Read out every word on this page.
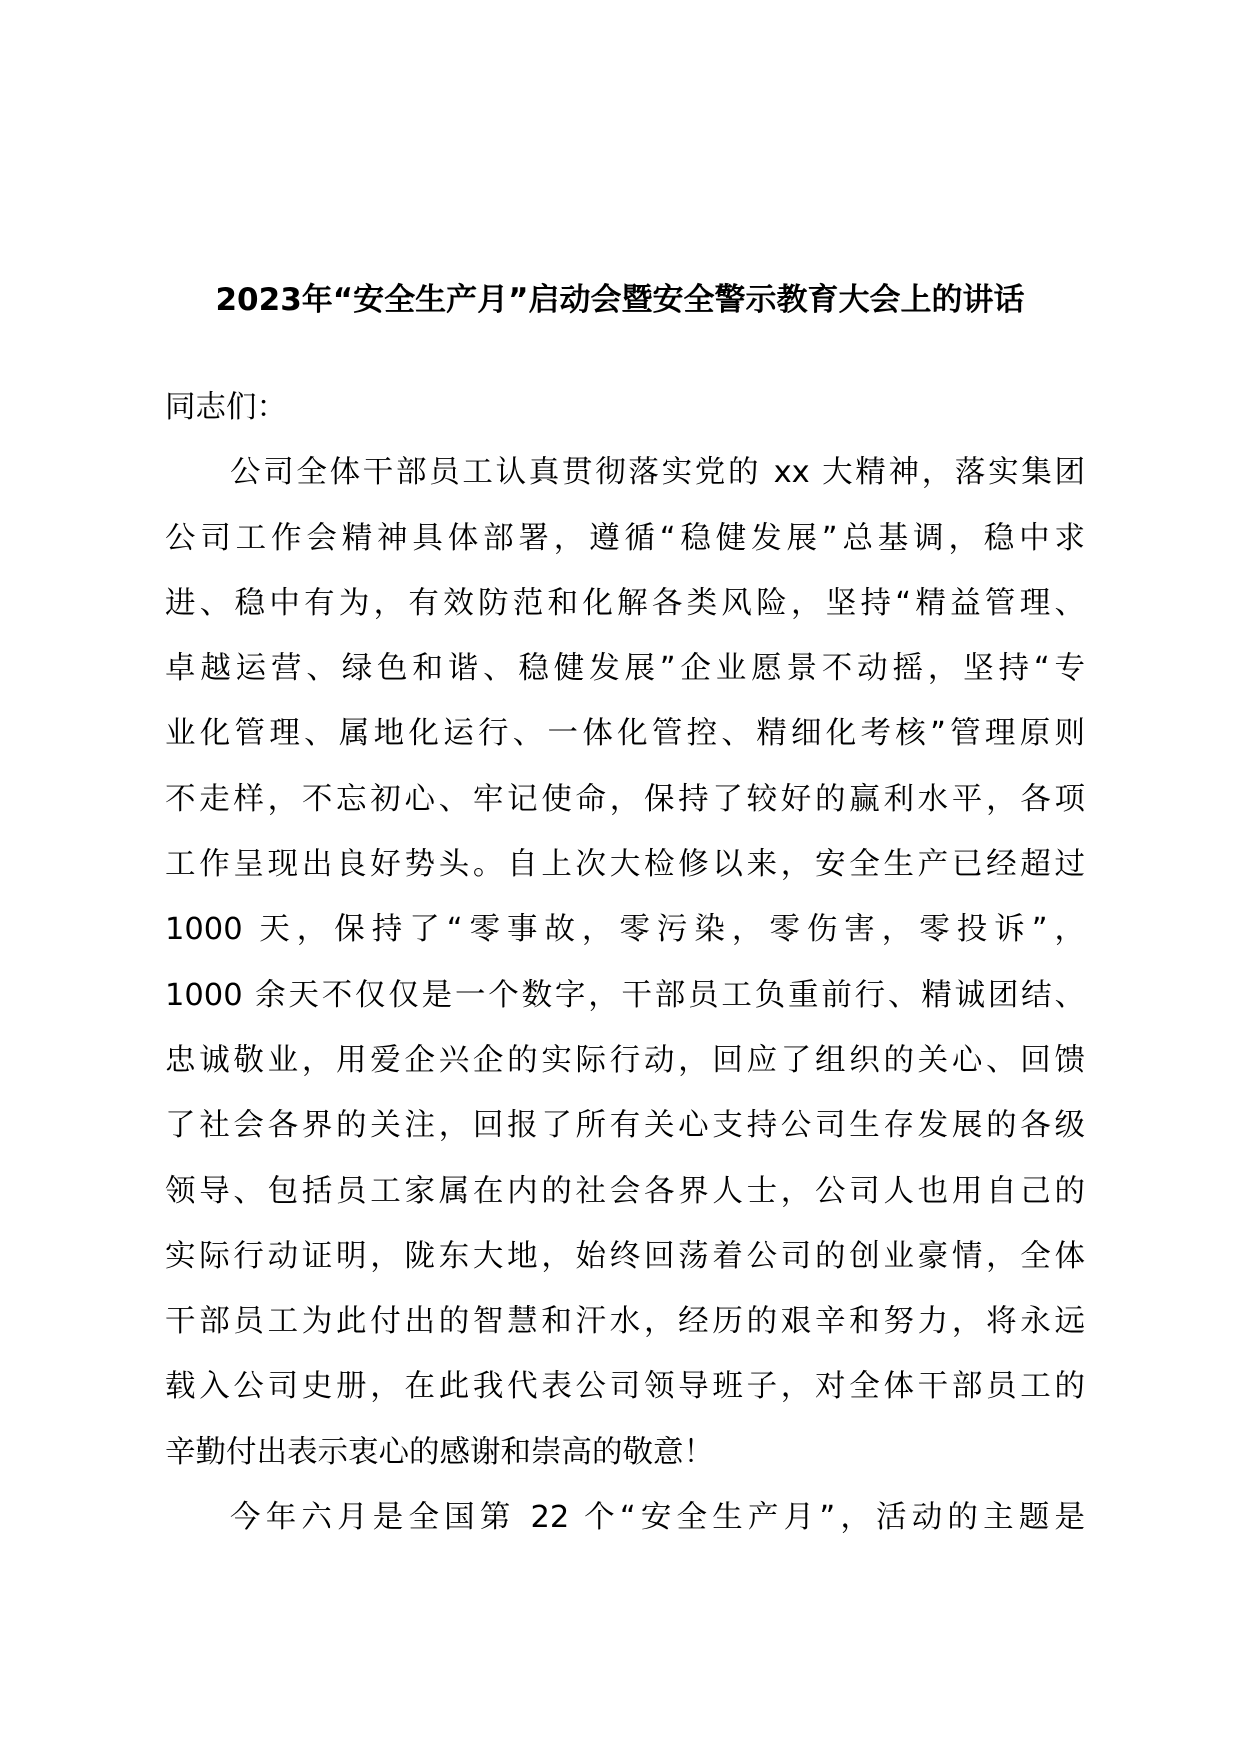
2023年“安全生产月”启动会暨安全警示教育大会上的讲话
同志们：
公司全体干部员工认真贯彻落实党的 xx 大精神，落实集团
公司工作会精神具体部署，遵循“稳健发展”总基调，稳中求
进、稳中有为，有效防范和化解各类风险，坚持“精益管理、
卓越运营、绿色和谐、稳健发展”企业愿景不动摇，坚持“专
业化管理、属地化运行、一体化管控、精细化考核”管理原则
不走样，不忘初心、牢记使命，保持了较好的赢利水平，各项
工作呈现出良好势头。自上次大检修以来，安全生产已经超过
1000 天，保持了“零事故，零污染，零伤害，零投诉”，
1000 余天不仅仅是一个数字，干部员工负重前行、精诚团结、
忠诚敬业，用爱企兴企的实际行动，回应了组织的关心、回馈
了社会各界的关注，回报了所有关心支持公司生存发展的各级
领导、包括员工家属在内的社会各界人士，公司人也用自己的
实际行动证明，陇东大地，始终回荡着公司的创业豪情，全体
干部员工为此付出的智慧和汗水，经历的艰辛和努力，将永远
载入公司史册，在此我代表公司领导班子，对全体干部员工的
辛勤付出表示衷心的感谢和崇高的敬意！
今年六月是全国第 22 个“安全生产月”，活动的主题是
